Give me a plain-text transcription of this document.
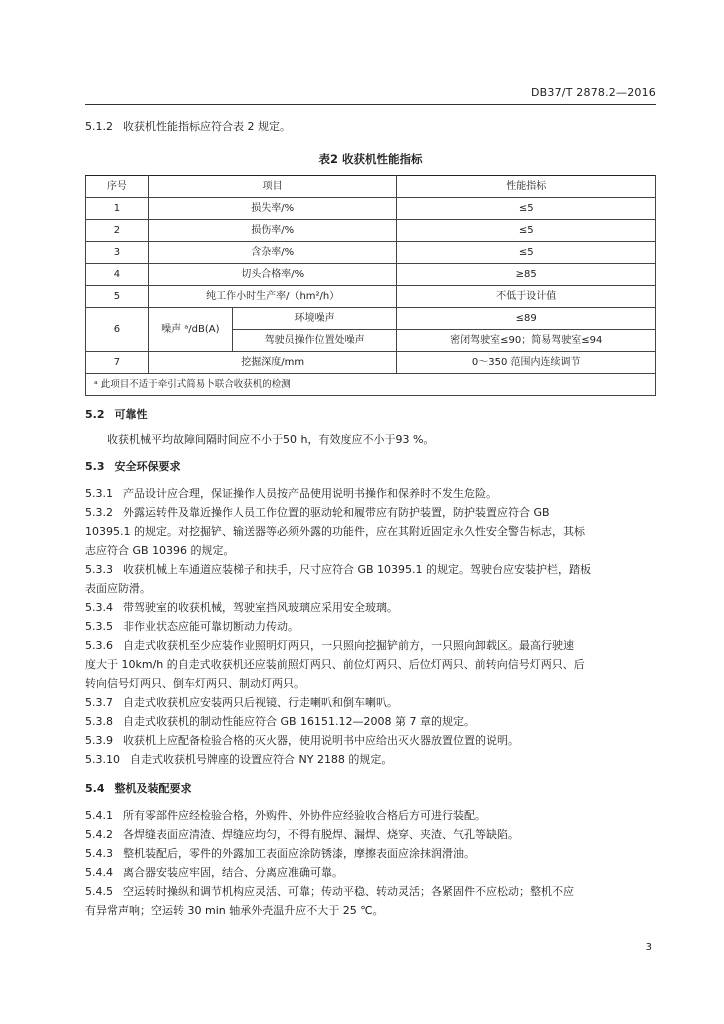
DB37/T 2878.2—2016

5.1.2 收获机性能指标应符合表 2 规定。

表2 收获机性能指标
序号	项目		性能指标
1	损失率/%		≤5
2	损伤率/%		≤5
3	含杂率/%		≤5
4	切头合格率/%		≥85
5	纯工作小时生产率/（hm²/h）		不低于设计值
6	噪声 ᵃ/dB(A)	环境噪声	≤89
		驾驶员操作位置处噪声	密闭驾驶室≤90；简易驾驶室≤94
7	挖掘深度/mm		0～350 范围内连续调节
ᵃ 此项目不适于牵引式简易卜联合收获机的检测			
5.2 可靠性

收获机械平均故障间隔时间应不小于50 h，有效度应不小于93 %。

5.3 安全环保要求

5.3.1 产品设计应合理，保证操作人员按产品使用说明书操作和保养时不发生危险。

5.3.2 外露运转件及靠近操作人员工作位置的驱动轮和履带应有防护装置，防护装置应符合 GB

10395.1 的规定。对挖掘铲、输送器等必须外露的功能件，应在其附近固定永久性安全警告标志，其标

志应符合 GB 10396 的规定。

5.3.3 收获机械上车通道应装梯子和扶手，尺寸应符合 GB 10395.1 的规定。驾驶台应安装护栏，踏板

表面应防滑。

5.3.4 带驾驶室的收获机械，驾驶室挡风玻璃应采用安全玻璃。

5.3.5 非作业状态应能可靠切断动力传动。

5.3.6 自走式收获机至少应装作业照明灯两只，一只照向挖掘铲前方，一只照向卸载区。最高行驶速

度大于 10km/h 的自走式收获机还应装前照灯两只、前位灯两只、后位灯两只、前转向信号灯两只、后

转向信号灯两只、倒车灯两只、制动灯两只。

5.3.7 自走式收获机应安装两只后视镜、行走喇叭和倒车喇叭。

5.3.8 自走式收获机的制动性能应符合 GB 16151.12—2008 第 7 章的规定。

5.3.9 收获机上应配备检验合格的灭火器，使用说明书中应给出灭火器放置位置的说明。

5.3.10 自走式收获机号牌座的设置应符合 NY 2188 的规定。

5.4 整机及装配要求

5.4.1 所有零部件应经检验合格，外购件、外协件应经验收合格后方可进行装配。

5.4.2 各焊缝表面应清渣、焊缝应均匀，不得有脱焊、漏焊、烧穿、夹渣、气孔等缺陷。

5.4.3 整机装配后，零件的外露加工表面应涂防锈漆，摩擦表面应涂抹润滑油。

5.4.4 离合器安装应牢固，结合、分离应准确可靠。

5.4.5 空运转时操纵和调节机构应灵活、可靠；传动平稳、转动灵活；各紧固件不应松动；整机不应

有异常声响；空运转 30 min 轴承外壳温升应不大于 25 ℃。

3
